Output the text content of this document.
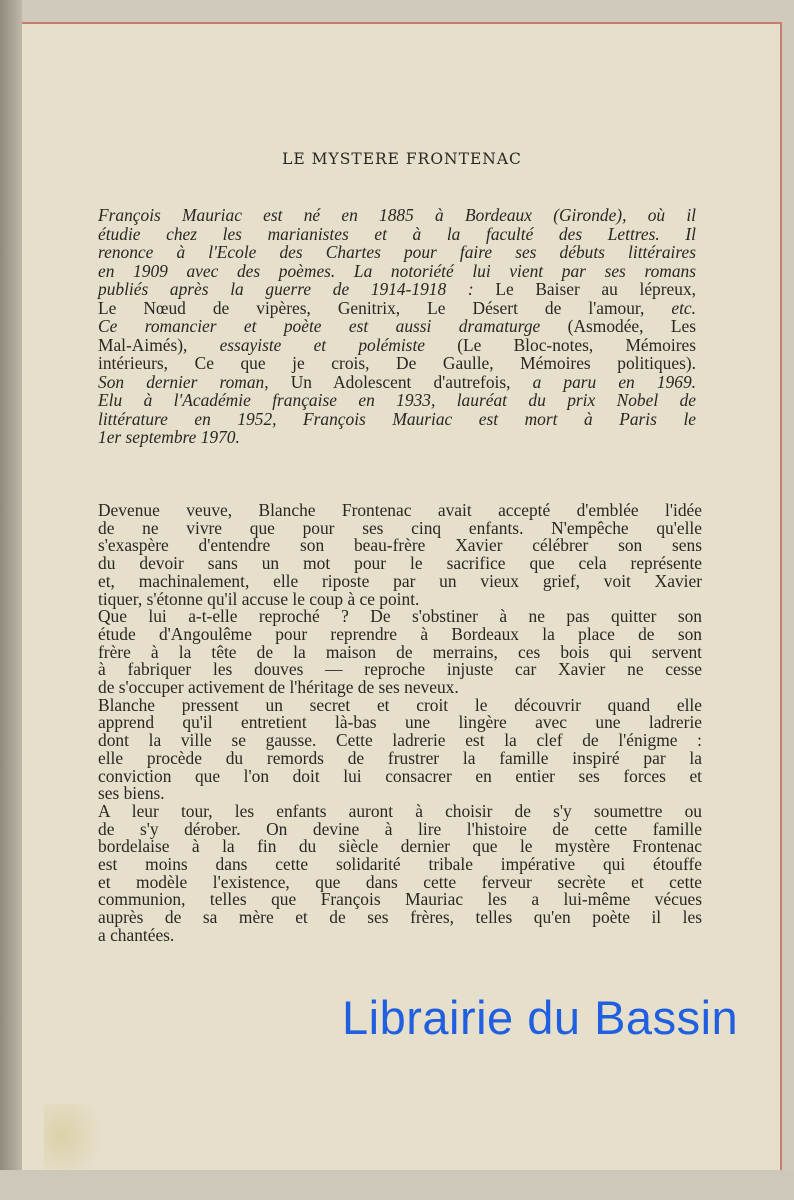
LE MYSTERE FRONTENAC
François Mauriac est né en 1885 à Bordeaux (Gironde), où il
étudie chez les marianistes et à la faculté des Lettres. Il
renonce à l'Ecole des Chartes pour faire ses débuts littéraires
en 1909 avec des poèmes. La notoriété lui vient par ses romans
publiés après la guerre de 1914-1918 : Le Baiser au lépreux,
Le Nœud de vipères, Genitrix, Le Désert de l'amour, etc.
Ce romancier et poète est aussi dramaturge (Asmodée, Les
Mal-Aimés), essayiste et polémiste (Le Bloc-notes, Mémoires
intérieurs, Ce que je crois, De Gaulle, Mémoires politiques).
Son dernier roman, Un Adolescent d'autrefois, a paru en 1969.
Elu à l'Académie française en 1933, lauréat du prix Nobel de
littérature en 1952, François Mauriac est mort à Paris le
1er septembre 1970.
Devenue veuve, Blanche Frontenac avait accepté d'emblée l'idée
de ne vivre que pour ses cinq enfants. N'empêche qu'elle
s'exaspère d'entendre son beau-frère Xavier célébrer son sens
du devoir sans un mot pour le sacrifice que cela représente
et, machinalement, elle riposte par un vieux grief, voit Xavier
tiquer, s'étonne qu'il accuse le coup à ce point.
Que lui a-t-elle reproché ? De s'obstiner à ne pas quitter son
étude d'Angoulême pour reprendre à Bordeaux la place de son
frère à la tête de la maison de merrains, ces bois qui servent
à fabriquer les douves — reproche injuste car Xavier ne cesse
de s'occuper activement de l'héritage de ses neveux.
Blanche pressent un secret et croit le découvrir quand elle
apprend qu'il entretient là-bas une lingère avec une ladrerie
dont la ville se gausse. Cette ladrerie est la clef de l'énigme :
elle procède du remords de frustrer la famille inspiré par la
conviction que l'on doit lui consacrer en entier ses forces et
ses biens.
A leur tour, les enfants auront à choisir de s'y soumettre ou
de s'y dérober. On devine à lire l'histoire de cette famille
bordelaise à la fin du siècle dernier que le mystère Frontenac
est moins dans cette solidarité tribale impérative qui étouffe
et modèle l'existence, que dans cette ferveur secrète et cette
communion, telles que François Mauriac les a lui-même vécues
auprès de sa mère et de ses frères, telles qu'en poète il les
a chantées.
Librairie du Bassin
